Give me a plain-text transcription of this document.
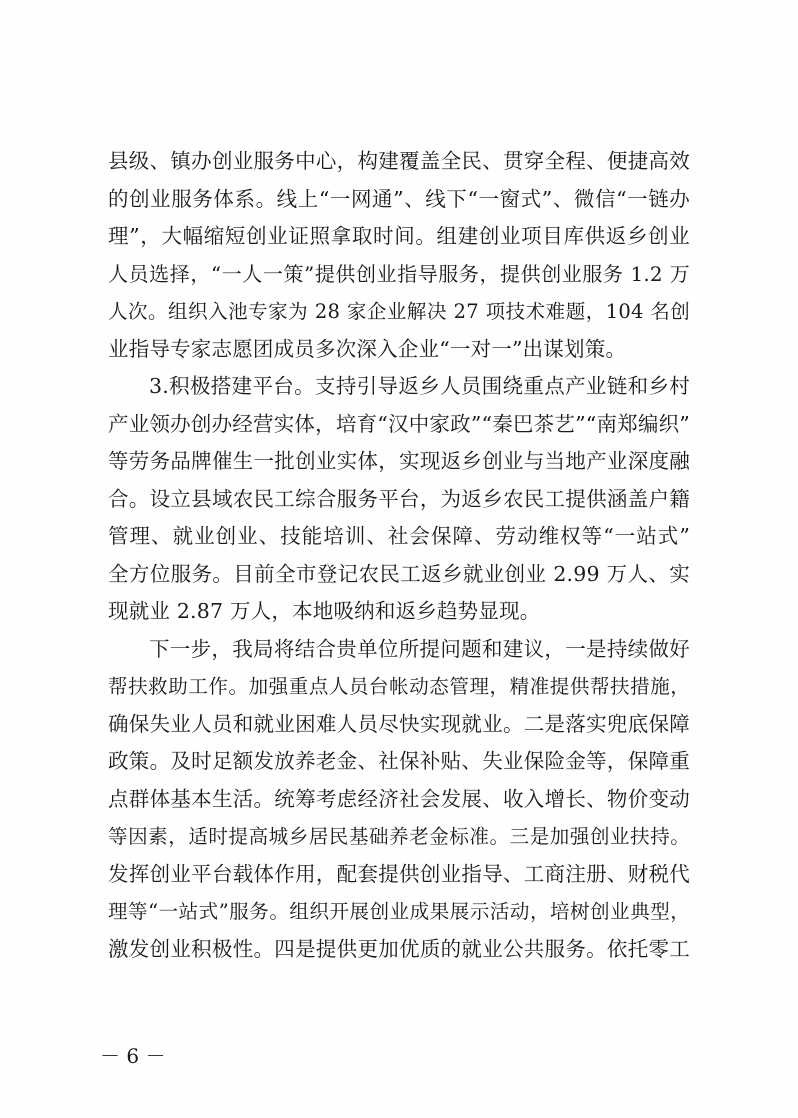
县级、镇办创业服务中心，构建覆盖全民、贯穿全程、便捷高效
的创业服务体系。线上“一网通”、线下“一窗式”、微信“一链办
理”，大幅缩短创业证照拿取时间。组建创业项目库供返乡创业
人员选择，“一人一策”提供创业指导服务，提供创业服务 1.2 万
人次。组织入池专家为 28 家企业解决 27 项技术难题，104 名创
业指导专家志愿团成员多次深入企业“一对一”出谋划策。
3.积极搭建平台。支持引导返乡人员围绕重点产业链和乡村
产业领办创办经营实体，培育“汉中家政”“秦巴茶艺”“南郑编织”
等劳务品牌催生一批创业实体，实现返乡创业与当地产业深度融
合。设立县域农民工综合服务平台，为返乡农民工提供涵盖户籍
管理、就业创业、技能培训、社会保障、劳动维权等“一站式”
全方位服务。目前全市登记农民工返乡就业创业 2.99 万人、实
现就业 2.87 万人，本地吸纳和返乡趋势显现。
下一步，我局将结合贵单位所提问题和建议，一是持续做好
帮扶救助工作。加强重点人员台帐动态管理，精准提供帮扶措施，
确保失业人员和就业困难人员尽快实现就业。二是落实兜底保障
政策。及时足额发放养老金、社保补贴、失业保险金等，保障重
点群体基本生活。统筹考虑经济社会发展、收入增长、物价变动
等因素，适时提高城乡居民基础养老金标准。三是加强创业扶持。
发挥创业平台载体作用，配套提供创业指导、工商注册、财税代
理等“一站式”服务。组织开展创业成果展示活动，培树创业典型，
激发创业积极性。四是提供更加优质的就业公共服务。依托零工
－ 6 －
